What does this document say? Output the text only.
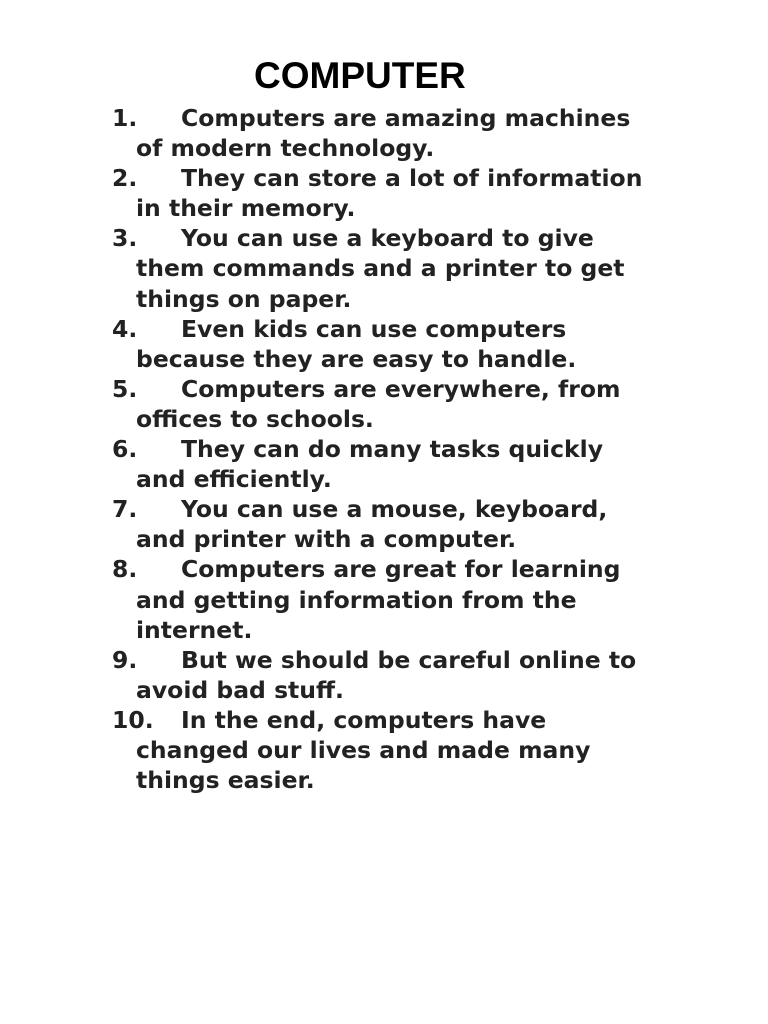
COMPUTER
1. Computers are amazing machines
of modern technology.
2. They can store a lot of information
in their memory.
3. You can use a keyboard to give
them commands and a printer to get
things on paper.
4. Even kids can use computers
because they are easy to handle.
5. Computers are everywhere, from
offices to schools.
6. They can do many tasks quickly
and efficiently.
7. You can use a mouse, keyboard,
and printer with a computer.
8. Computers are great for learning
and getting information from the
internet.
9. But we should be careful online to
avoid bad stuff.
10. In the end, computers have
changed our lives and made many
things easier.
